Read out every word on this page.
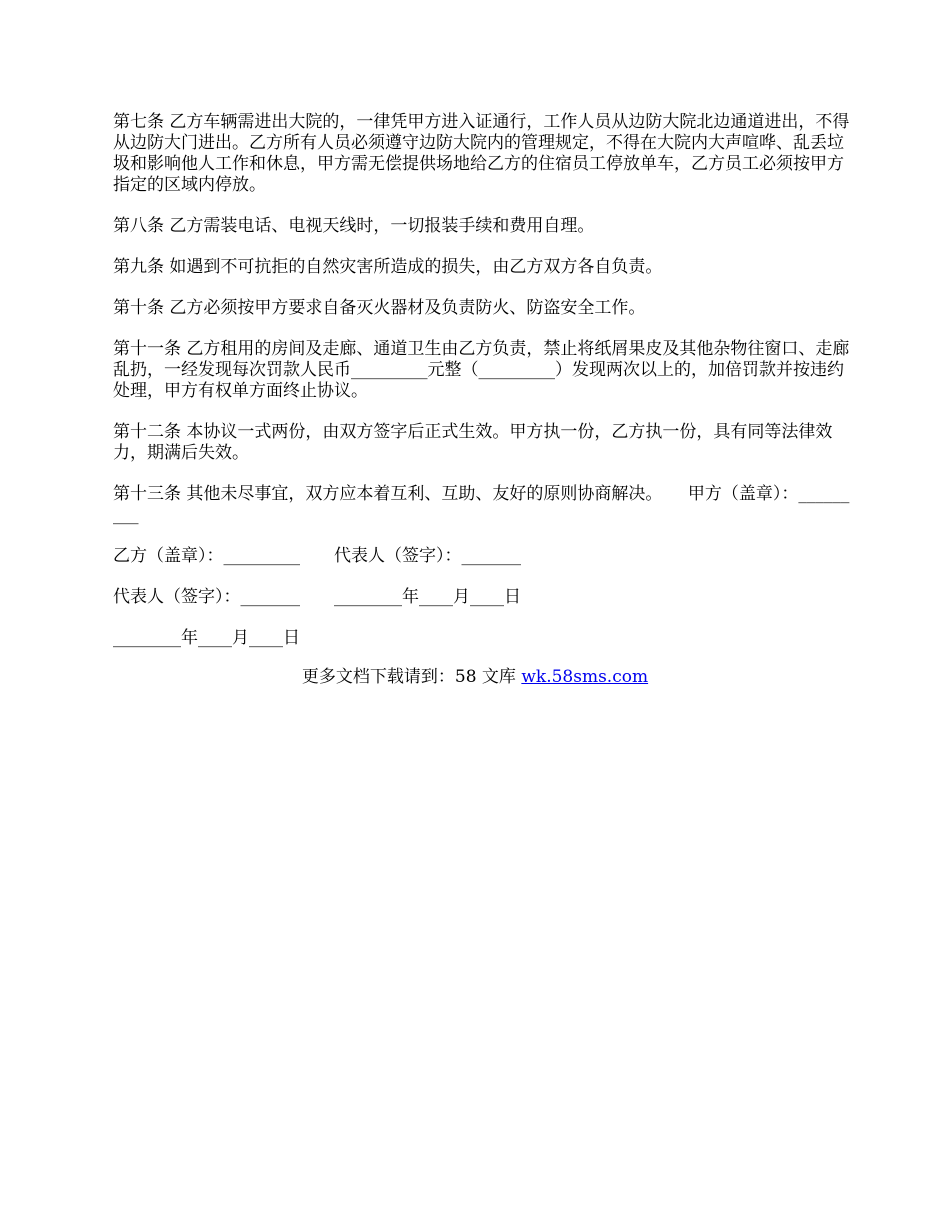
第七条 乙方车辆需进出大院的，一律凭甲方进入证通行，工作人员从边防大院北边通道进出，不得从边防大门进出。乙方所有人员必须遵守边防大院内的管理规定，不得在大院内大声喧哗、乱丢垃圾和影响他人工作和休息，甲方需无偿提供场地给乙方的住宿员工停放单车，乙方员工必须按甲方指定的区域内停放。

第八条 乙方需装电话、电视天线时，一切报装手续和费用自理。

第九条 如遇到不可抗拒的自然灾害所造成的损失，由乙方双方各自负责。

第十条 乙方必须按甲方要求自备灭火器材及负责防火、防盗安全工作。

第十一条 乙方租用的房间及走廊、通道卫生由乙方负责，禁止将纸屑果皮及其他杂物往窗口、走廊乱扔，一经发现每次罚款人民币_________元整（_________）发现两次以上的，加倍罚款并按违约处理，甲方有权单方面终止协议。

第十二条 本协议一式两份，由双方签字后正式生效。甲方执一份，乙方执一份，具有同等法律效力，期满后失效。

第十三条 其他未尽事宜，双方应本着互利、互助、友好的原则协商解决。　　甲方（盖章）：_________

乙方（盖章）：_________　　代表人（签字）：_______

代表人（签字）：_______　　________年____月____日

________年____月____日

更多文档下载请到：58 文库 wk.58sms.com
